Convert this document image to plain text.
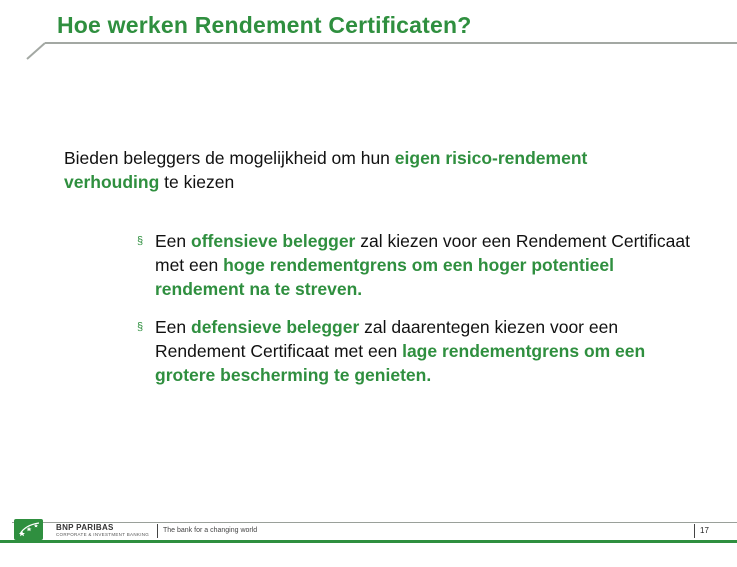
Hoe werken Rendement Certificaten?
Bieden beleggers de mogelijkheid om hun eigen risico-rendement verhouding te kiezen
§ Een offensieve belegger zal kiezen voor een Rendement Certificaat met een hoge rendementgrens om een hoger potentieel rendement na te streven.
§ Een defensieve belegger zal daarentegen kiezen voor een Rendement Certificaat met een lage rendementgrens om een grotere bescherming te genieten.
BNP PARIBAS
CORPORATE & INVESTMENT BANKING
The bank for a changing world	17
